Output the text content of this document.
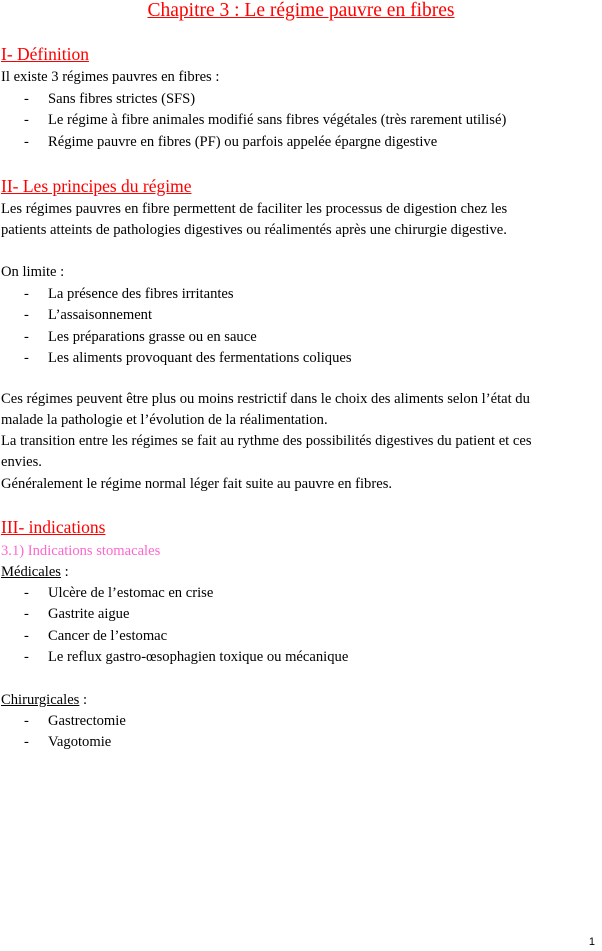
Chapitre 3 : Le régime pauvre en fibres
I- Définition
Il existe 3 régimes pauvres en fibres :
- Sans fibres strictes (SFS)
- Le régime à fibre animales modifié sans fibres végétales (très rarement utilisé)
- Régime pauvre en fibres (PF) ou parfois appelée épargne digestive
II- Les principes du régime
Les régimes pauvres en fibre permettent de faciliter les processus de digestion chez les
patients atteints de pathologies digestives ou réalimentés après une chirurgie digestive.
On limite :
- La présence des fibres irritantes
- L’assaisonnement
- Les préparations grasse ou en sauce
- Les aliments provoquant des fermentations coliques
Ces régimes peuvent être plus ou moins restrictif dans le choix des aliments selon l’état du
malade la pathologie et l’évolution de la réalimentation.
La transition entre les régimes se fait au rythme des possibilités digestives du patient et ces
envies.
Généralement le régime normal léger fait suite au pauvre en fibres.
III- indications
3.1) Indications stomacales
Médicales :
- Ulcère de l’estomac en crise
- Gastrite aigue
- Cancer de l’estomac
- Le reflux gastro-œsophagien toxique ou mécanique
Chirurgicales :
- Gastrectomie
- Vagotomie
1
